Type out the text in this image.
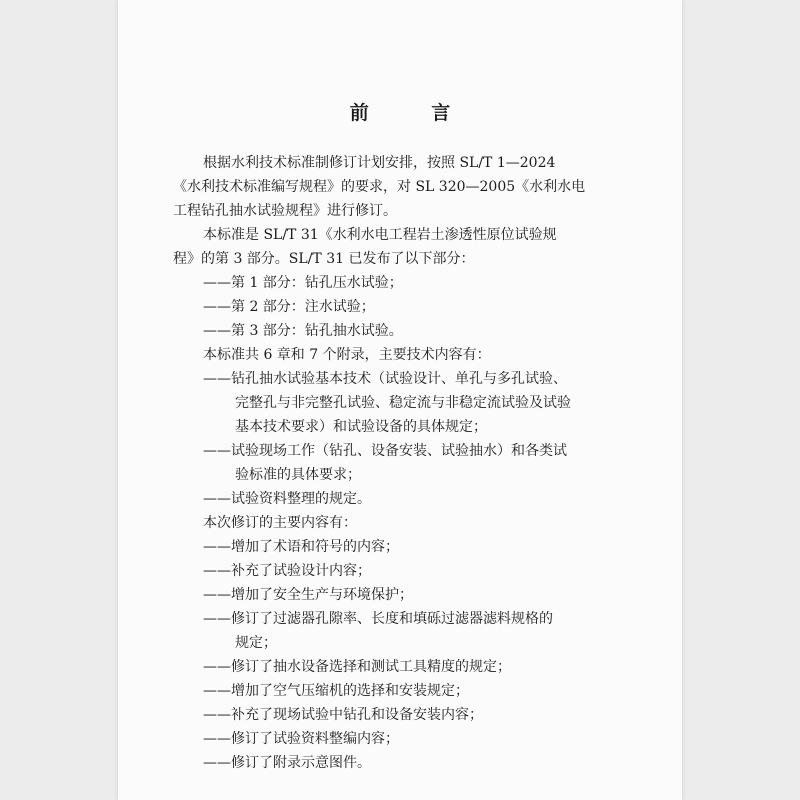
前 言
根据水利技术标准制修订计划安排，按照 SL/T 1—2024
《水利技术标准编写规程》的要求，对 SL 320—2005《水利水电
工程钻孔抽水试验规程》进行修订。
本标准是 SL/T 31《水利水电工程岩土渗透性原位试验规
程》的第 3 部分。SL/T 31 已发布了以下部分：
——第 1 部分：钻孔压水试验；
——第 2 部分：注水试验；
——第 3 部分：钻孔抽水试验。
本标准共 6 章和 7 个附录，主要技术内容有：
——钻孔抽水试验基本技术（试验设计、单孔与多孔试验、
完整孔与非完整孔试验、稳定流与非稳定流试验及试验
基本技术要求）和试验设备的具体规定；
——试验现场工作（钻孔、设备安装、试验抽水）和各类试
验标准的具体要求；
——试验资料整理的规定。
本次修订的主要内容有：
——增加了术语和符号的内容；
——补充了试验设计内容；
——增加了安全生产与环境保护；
——修订了过滤器孔隙率、长度和填砾过滤器滤料规格的
规定；
——修订了抽水设备选择和测试工具精度的规定；
——增加了空气压缩机的选择和安装规定；
——补充了现场试验中钻孔和设备安装内容；
——修订了试验资料整编内容；
——修订了附录示意图件。
